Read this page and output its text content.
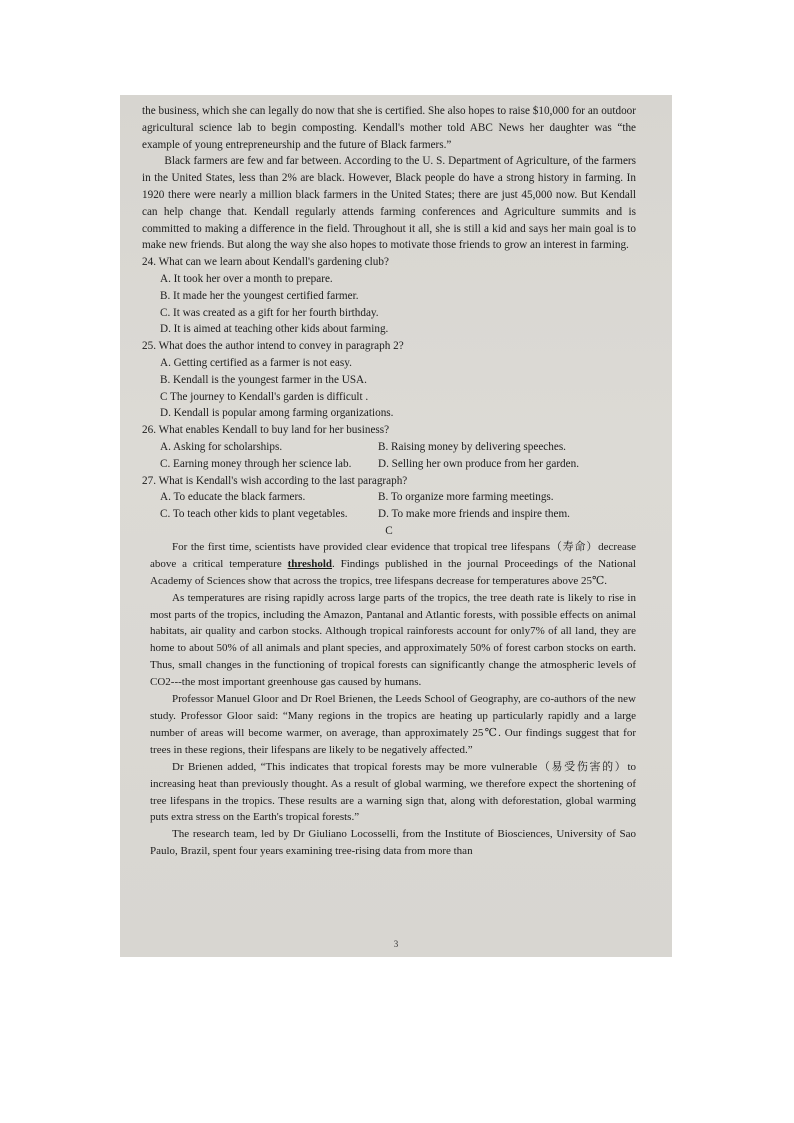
the business, which she can legally do now that she is certified. She also hopes to raise $10,000 for an outdoor agricultural science lab to begin composting. Kendall's mother told ABC News her daughter was “the example of young entrepreneurship and the future of Black farmers.”

Black farmers are few and far between. According to the U. S. Department of Agriculture, of the farmers in the United States, less than 2% are black. However, Black people do have a strong history in farming. In 1920 there were nearly a million black farmers in the United States; there are just 45,000 now. But Kendall can help change that. Kendall regularly attends farming conferences and Agriculture summits and is committed to making a difference in the field. Throughout it all, she is still a kid and says her main goal is to make new friends. But along the way she also hopes to motivate those friends to grow an interest in farming.

24. What can we learn about Kendall's gardening club?

A. It took her over a month to prepare.

B. It made her the youngest certified farmer.

C. It was created as a gift for her fourth birthday.

D. It is aimed at teaching other kids about farming.

25. What does the author intend to convey in paragraph 2?

A. Getting certified as a farmer is not easy.

B. Kendall is the youngest farmer in the USA.

C The journey to Kendall's garden is difficult .

D. Kendall is popular among farming organizations.

26. What enables Kendall to buy land for her business?

A. Asking for scholarships.	B. Raising money by delivering speeches.
C. Earning money through her science lab.	D. Selling her own produce from her garden.

27. What is Kendall's wish according to the last paragraph?

A. To educate the black farmers.	B. To organize more farming meetings.
C. To teach other kids to plant vegetables.	D. To make more friends and inspire them.

C

For the first time, scientists have provided clear evidence that tropical tree lifespans（寿命）decrease above a critical temperature threshold. Findings published in the journal Proceedings of the National Academy of Sciences show that across the tropics, tree lifespans decrease for temperatures above 25℃.

As temperatures are rising rapidly across large parts of the tropics, the tree death rate is likely to rise in most parts of the tropics, including the Amazon, Pantanal and Atlantic forests, with possible effects on animal habitats, air quality and carbon stocks. Although tropical rainforests account for only7% of all land, they are home to about 50% of all animals and plant species, and approximately 50% of forest carbon stocks on earth. Thus, small changes in the functioning of tropical forests can significantly change the atmospheric levels of CO2---the most important greenhouse gas caused by humans.

Professor Manuel Gloor and Dr Roel Brienen, the Leeds School of Geography, are co-authors of the new study. Professor Gloor said: “Many regions in the tropics are heating up particularly rapidly and a large number of areas will become warmer, on average, than approximately 25℃. Our findings suggest that for trees in these regions, their lifespans are likely to be negatively affected.”

Dr Brienen added, “This indicates that tropical forests may be more vulnerable（易受伤害的）to increasing heat than previously thought. As a result of global warming, we therefore expect the shortening of tree lifespans in the tropics. These results are a warning sign that, along with deforestation, global warming puts extra stress on the Earth's tropical forests.”

The research team, led by Dr Giuliano Locosselli, from the Institute of Biosciences, University of Sao Paulo, Brazil, spent four years examining tree-rising data from more than

3
